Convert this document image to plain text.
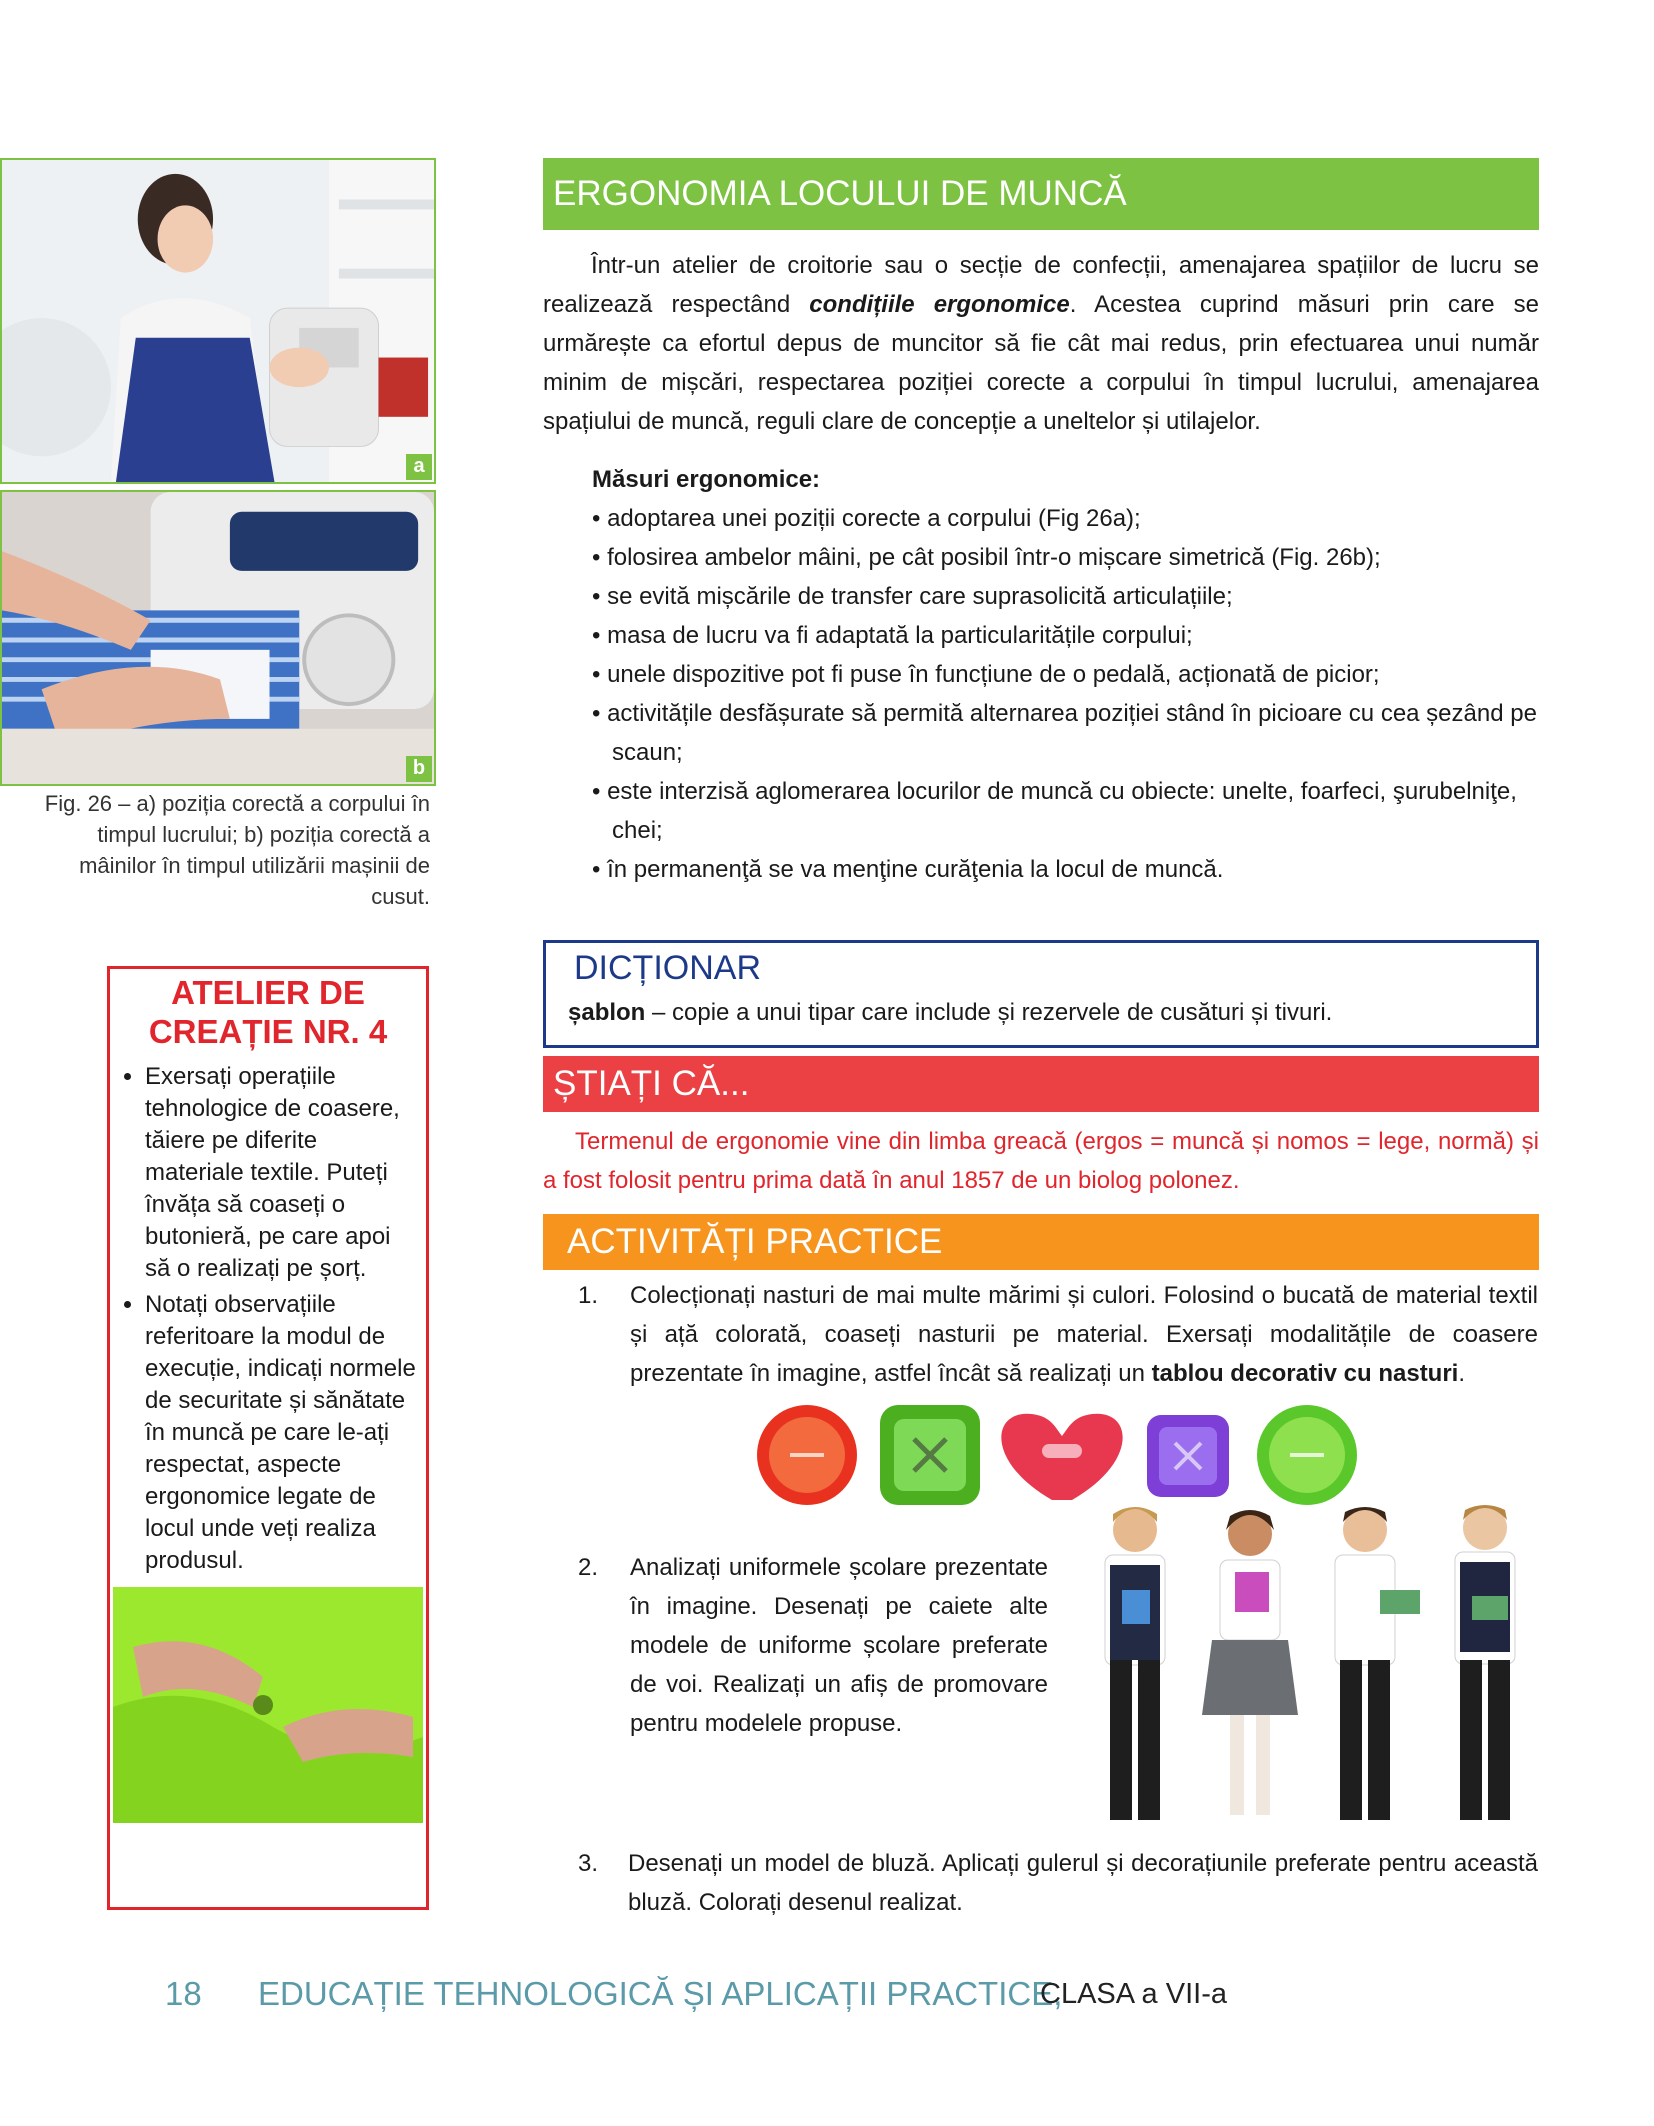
a
b
Fig. 26 – a) poziția corectă a corpului în timpul lucrului; b) poziția corectă a mâinilor în timpul utilizării mașinii de cusut.
ATELIER DE
CREAȚIE NR. 4
• Exersați operațiile tehnologice de coasere, tăiere pe diferite materiale textile. Puteți învăța să coaseți o butonieră, pe care apoi să o realizați pe șorț.
• Notați observațiile referitoare la modul de execuție, indicați normele de securitate și sănătate în muncă pe care le-ați respectat, aspecte ergonomice legate de locul unde veți realiza produsul.
ERGONOMIA LOCULUI DE MUNCĂ
Într-un atelier de croitorie sau o secție de confecții, amenajarea spațiilor de lucru se realizează respectând condițiile ergonomice. Acestea cuprind măsuri prin care se urmărește ca efortul depus de muncitor să fie cât mai redus, prin efectuarea unui număr minim de mișcări, respectarea poziției corecte a corpului în timpul lucrului, amenajarea spațiului de muncă, reguli clare de concepție a uneltelor și utilajelor.
Măsuri ergonomice:
• adoptarea unei poziții corecte a corpului (Fig 26a);
• folosirea ambelor mâini, pe cât posibil într-o mișcare simetrică (Fig. 26b);
• se evită mișcările de transfer care suprasolicită articulațiile;
• masa de lucru va fi adaptată la particularitățile corpului;
• unele dispozitive pot fi puse în funcțiune de o pedală, acționată de picior;
• activitățile desfășurate să permită alternarea poziției stând în picioare cu cea șezând pe scaun;
• este interzisă aglomerarea locurilor de muncă cu obiecte: unelte, foarfeci, şurubelniţe, chei;
• în permanenţă se va menţine curăţenia la locul de muncă.
DICȚIONAR
șablon – copie a unui tipar care include și rezervele de cusături și tivuri.
ȘTIAȚI CĂ...
Termenul de ergonomie vine din limba greacă (ergos = muncă și nomos = lege, normă) și a fost folosit pentru prima dată în anul 1857 de un biolog polonez.
ACTIVITĂȚI PRACTICE
1. Colecționați nasturi de mai multe mărimi și culori. Folosind o bucată de material textil și ață colorată, coaseți nasturii pe material. Exersați modalitățile de coasere prezentate în imagine, astfel încât să realizați un tablou decorativ cu nasturi.
2. Analizați uniformele școlare prezentate în imagine. Desenați pe caiete alte modele de uniforme școlare preferate de voi. Realizați un afiș de promovare pentru modelele propuse.
3. Desenați un model de bluză. Aplicați gulerul și decorațiunile preferate pentru această bluză. Colorați desenul realizat.
18 EDUCAȚIE TEHNOLOGICĂ ȘI APLICAȚII PRACTICE,
CLASA a VII-a
